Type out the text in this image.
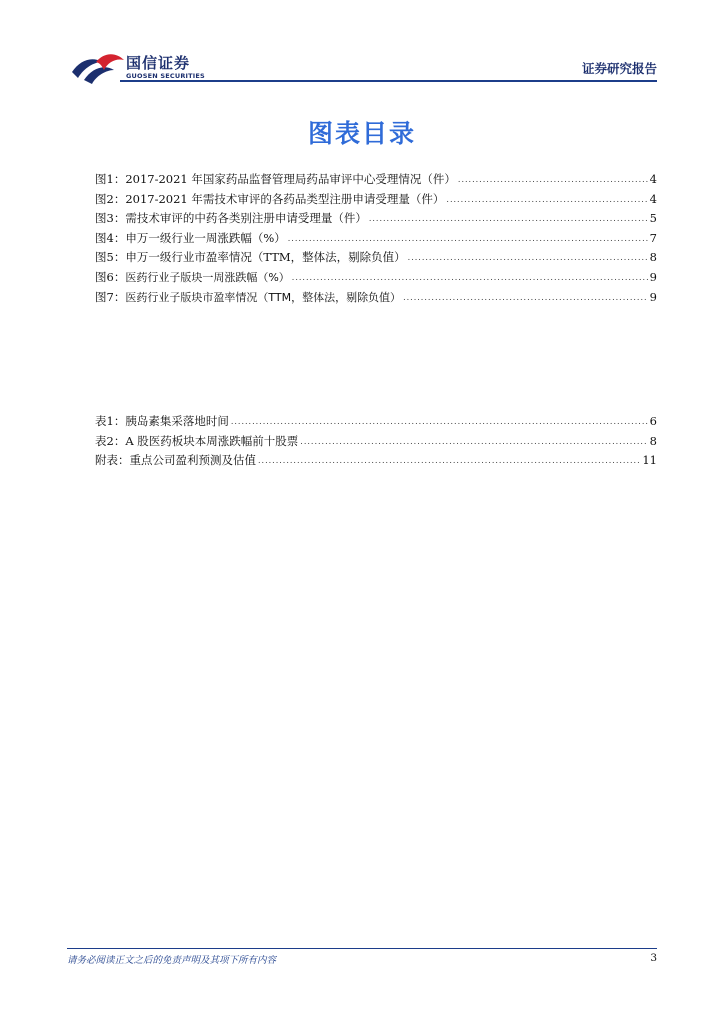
国信证券
GUOSEN SECURITIES	证券研究报告
图表目录
图1：2017-2021 年国家药品监督管理局药品审评中心受理情况（件） .....	4
图2：2017-2021 年需技术审评的各药品类型注册申请受理量（件） .....	4
图3：需技术审评的中药各类别注册申请受理量（件） .....	5
图4：申万一级行业一周涨跌幅（%） .....	7
图5：申万一级行业市盈率情况（TTM，整体法，剔除负值） .....	8
图6：医药行业子版块一周涨跌幅（%） .....	9
图7：医药行业子版块市盈率情况（TTM，整体法，剔除负值） .....	9
表1：胰岛素集采落地时间 .....	6
表2：A 股医药板块本周涨跌幅前十股票 .....	8
附表：重点公司盈利预测及估值 .....	11
请务必阅读正文之后的免责声明及其项下所有内容	3
